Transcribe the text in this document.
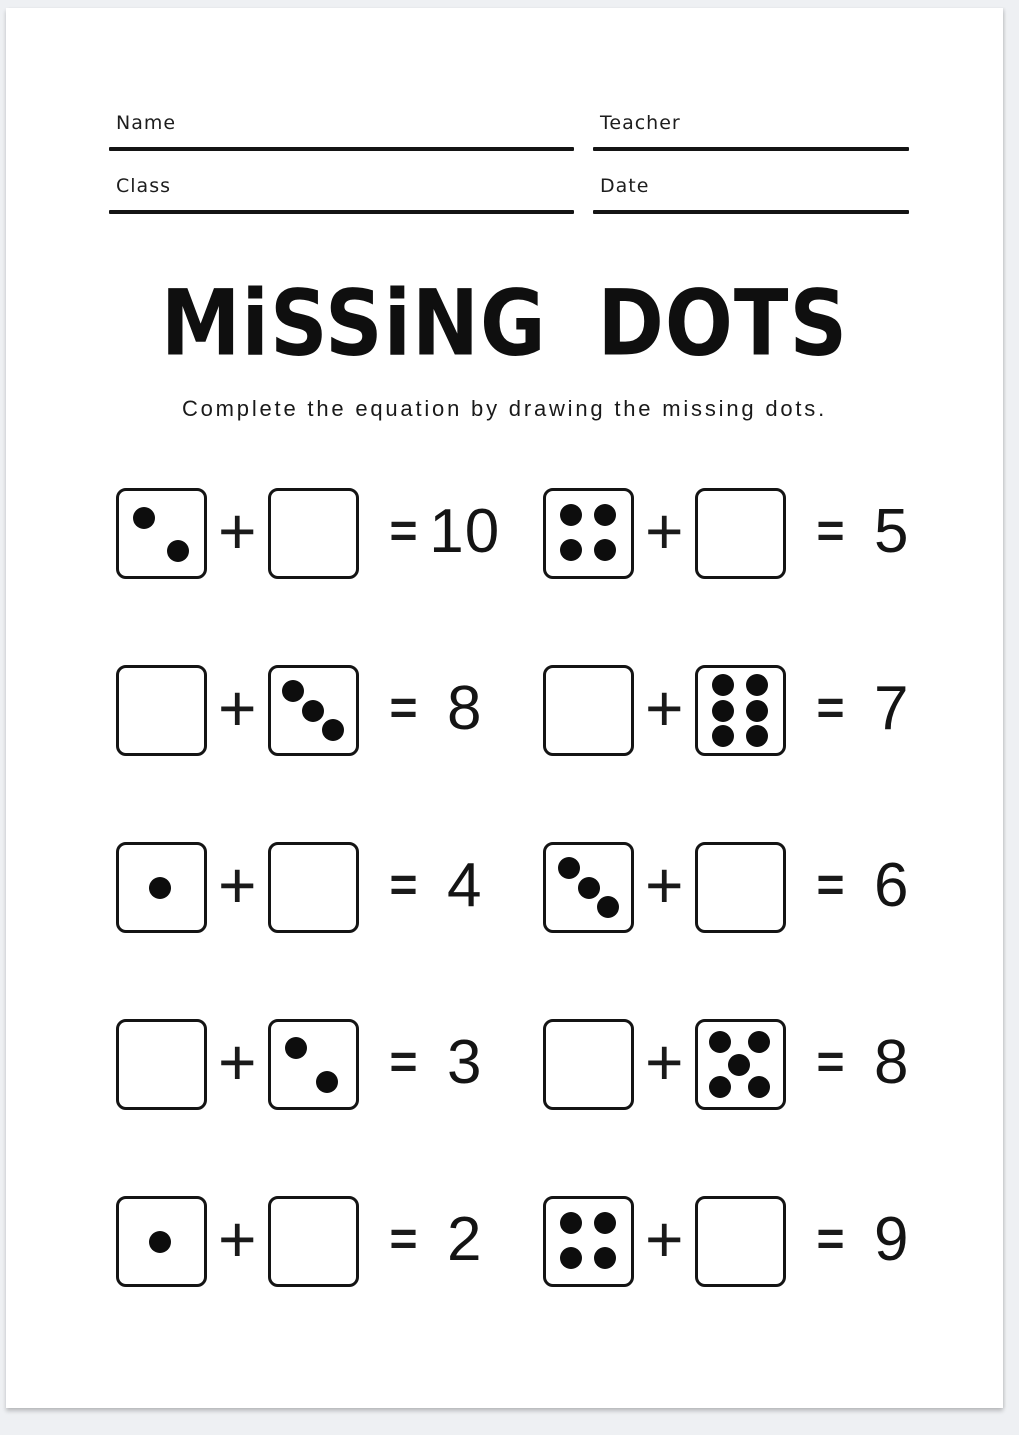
Name	Teacher
Class	Date
MiSSiNG DOTS
Complete the equation by drawing the missing dots.
+	= 10 +	= 5
+	= 8	+	= 7
+	= 4	+	= 6
+	= 3	+	= 8
+	= 2	+	= 9
